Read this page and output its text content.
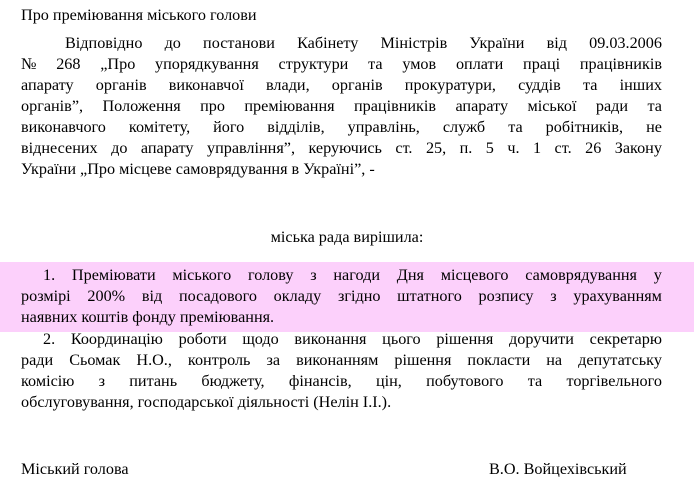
Про преміювання міського голови
Відповідно до постанови Кабінету Міністрів України від 09.03.2006
№ 268 „Про упорядкування структури та умов оплати праці працівників
апарату органів виконавчої влади, органів прокуратури, суддів та інших
органів”, Положення про преміювання працівників апарату міської ради та
виконавчого комітету, його відділів, управлінь, служб та робітників, не
віднесених до апарату управління”, керуючись ст. 25, п. 5 ч. 1 ст. 26 Закону
України „Про місцеве самоврядування в Україні”, -
міська рада вирішила:
1. Преміювати міського голову з нагоди Дня місцевого самоврядування у
розмірі 200% від посадового окладу згідно штатного розпису з урахуванням
наявних коштів фонду преміювання.
2. Координацію роботи щодо виконання цього рішення доручити секретарю
ради Сьомак Н.О., контроль за виконанням рішення покласти на депутатську
комісію з питань бюджету, фінансів, цін, побутового та торгівельного
обслуговування, господарської діяльності (Нелін І.І.).
Міський голова	В.О. Войцехівський
